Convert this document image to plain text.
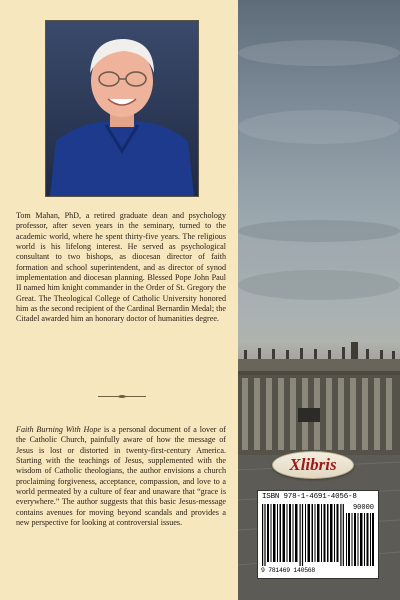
Tom Mahan, PhD, a retired graduate dean and psychology professor, after seven years in the seminary, turned to the academic world, where he spent thirty-five years. The religious world is his lifelong interest. He served as psychological consultant to two bishops, as diocesan director of faith formation and school superintendent, and as director of synod implementation and diocesan planning. Blessed Pope John Paul II named him knight commander in the Order of St. Gregory the Great. The Theological College of Catholic University honored him as the second recipient of the Cardinal Bernardin Medal; the Citadel awarded him an honorary doctor of humanities degree.

Faith Burning With Hope is a personal document of a lover of the Catholic Church, painfully aware of how the message of Jesus is lost or distorted in twenty-first-century America. Starting with the teachings of Jesus, supplemented with the wisdom of Catholic theologians, the author envisions a church proclaiming forgiveness, acceptance, compassion, and love to a world permeated by a culture of fear and unaware that “grace is everywhere.” The author suggests that this basic Jesus-message contains avenues for moving beyond scandals and provides a new perspective for looking at controversial issues.

Xlibris
ISBN 978-1-4691-4056-8
90000
9 781469 140568
